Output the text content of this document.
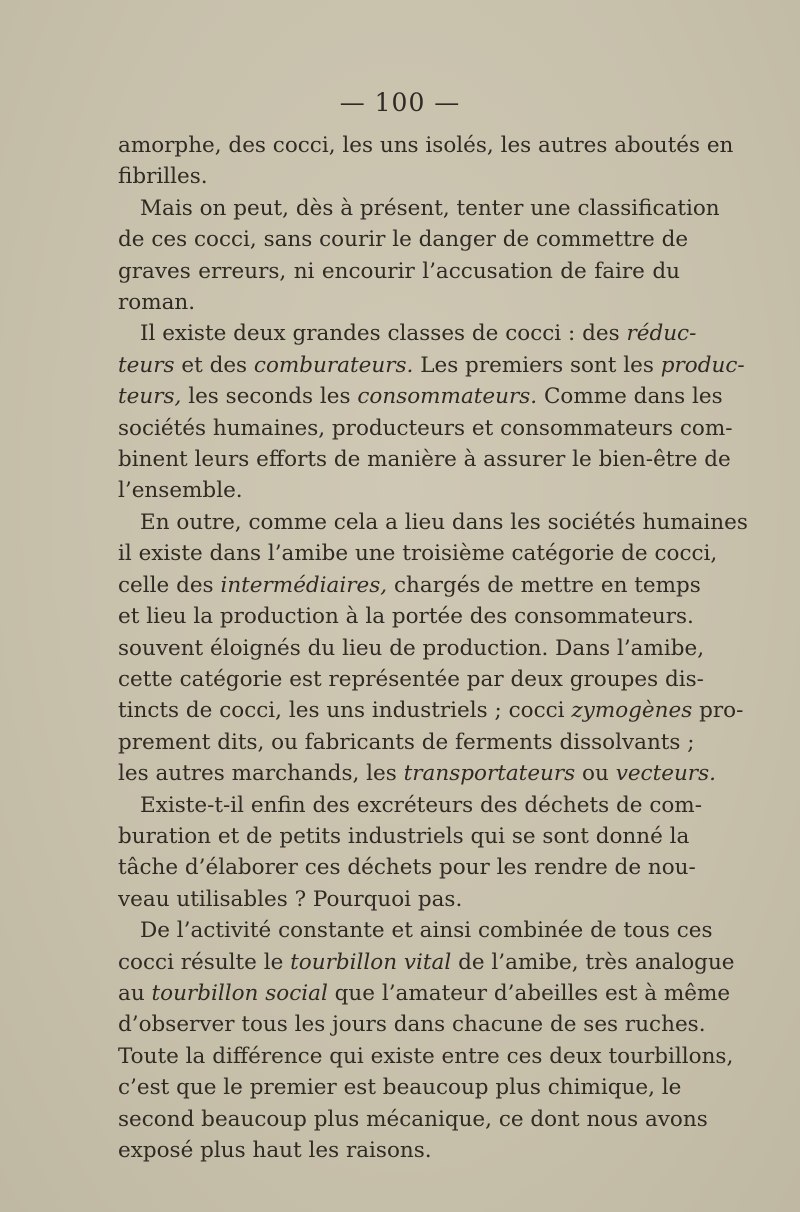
— 100 —
amorphe, des cocci, les uns isolés, les autres aboutés en
fibrilles.
Mais on peut, dès à présent, tenter une classification
de ces cocci, sans courir le danger de commettre de
graves erreurs, ni encourir l’accusation de faire du
roman.
Il existe deux grandes classes de cocci : des réduc-
teurs et des comburateurs. Les premiers sont les produc-
teurs, les seconds les consommateurs. Comme dans les
sociétés humaines, producteurs et consommateurs com-
binent leurs efforts de manière à assurer le bien-être de
l’ensemble.
En outre, comme cela a lieu dans les sociétés humaines
il existe dans l’amibe une troisième catégorie de cocci,
celle des intermédiaires, chargés de mettre en temps
et lieu la production à la portée des consommateurs.
souvent éloignés du lieu de production. Dans l’amibe,
cette catégorie est représentée par deux groupes dis-
tincts de cocci, les uns industriels ; cocci zymogènes pro-
prement dits, ou fabricants de ferments dissolvants ;
les autres marchands, les transportateurs ou vecteurs.
Existe-t-il enfin des excréteurs des déchets de com-
buration et de petits industriels qui se sont donné la
tâche d’élaborer ces déchets pour les rendre de nou-
veau utilisables ? Pourquoi pas.
De l’activité constante et ainsi combinée de tous ces
cocci résulte le tourbillon vital de l’amibe, très analogue
au tourbillon social que l’amateur d’abeilles est à même
d’observer tous les jours dans chacune de ses ruches.
Toute la différence qui existe entre ces deux tourbillons,
c’est que le premier est beaucoup plus chimique, le
second beaucoup plus mécanique, ce dont nous avons
exposé plus haut les raisons.
